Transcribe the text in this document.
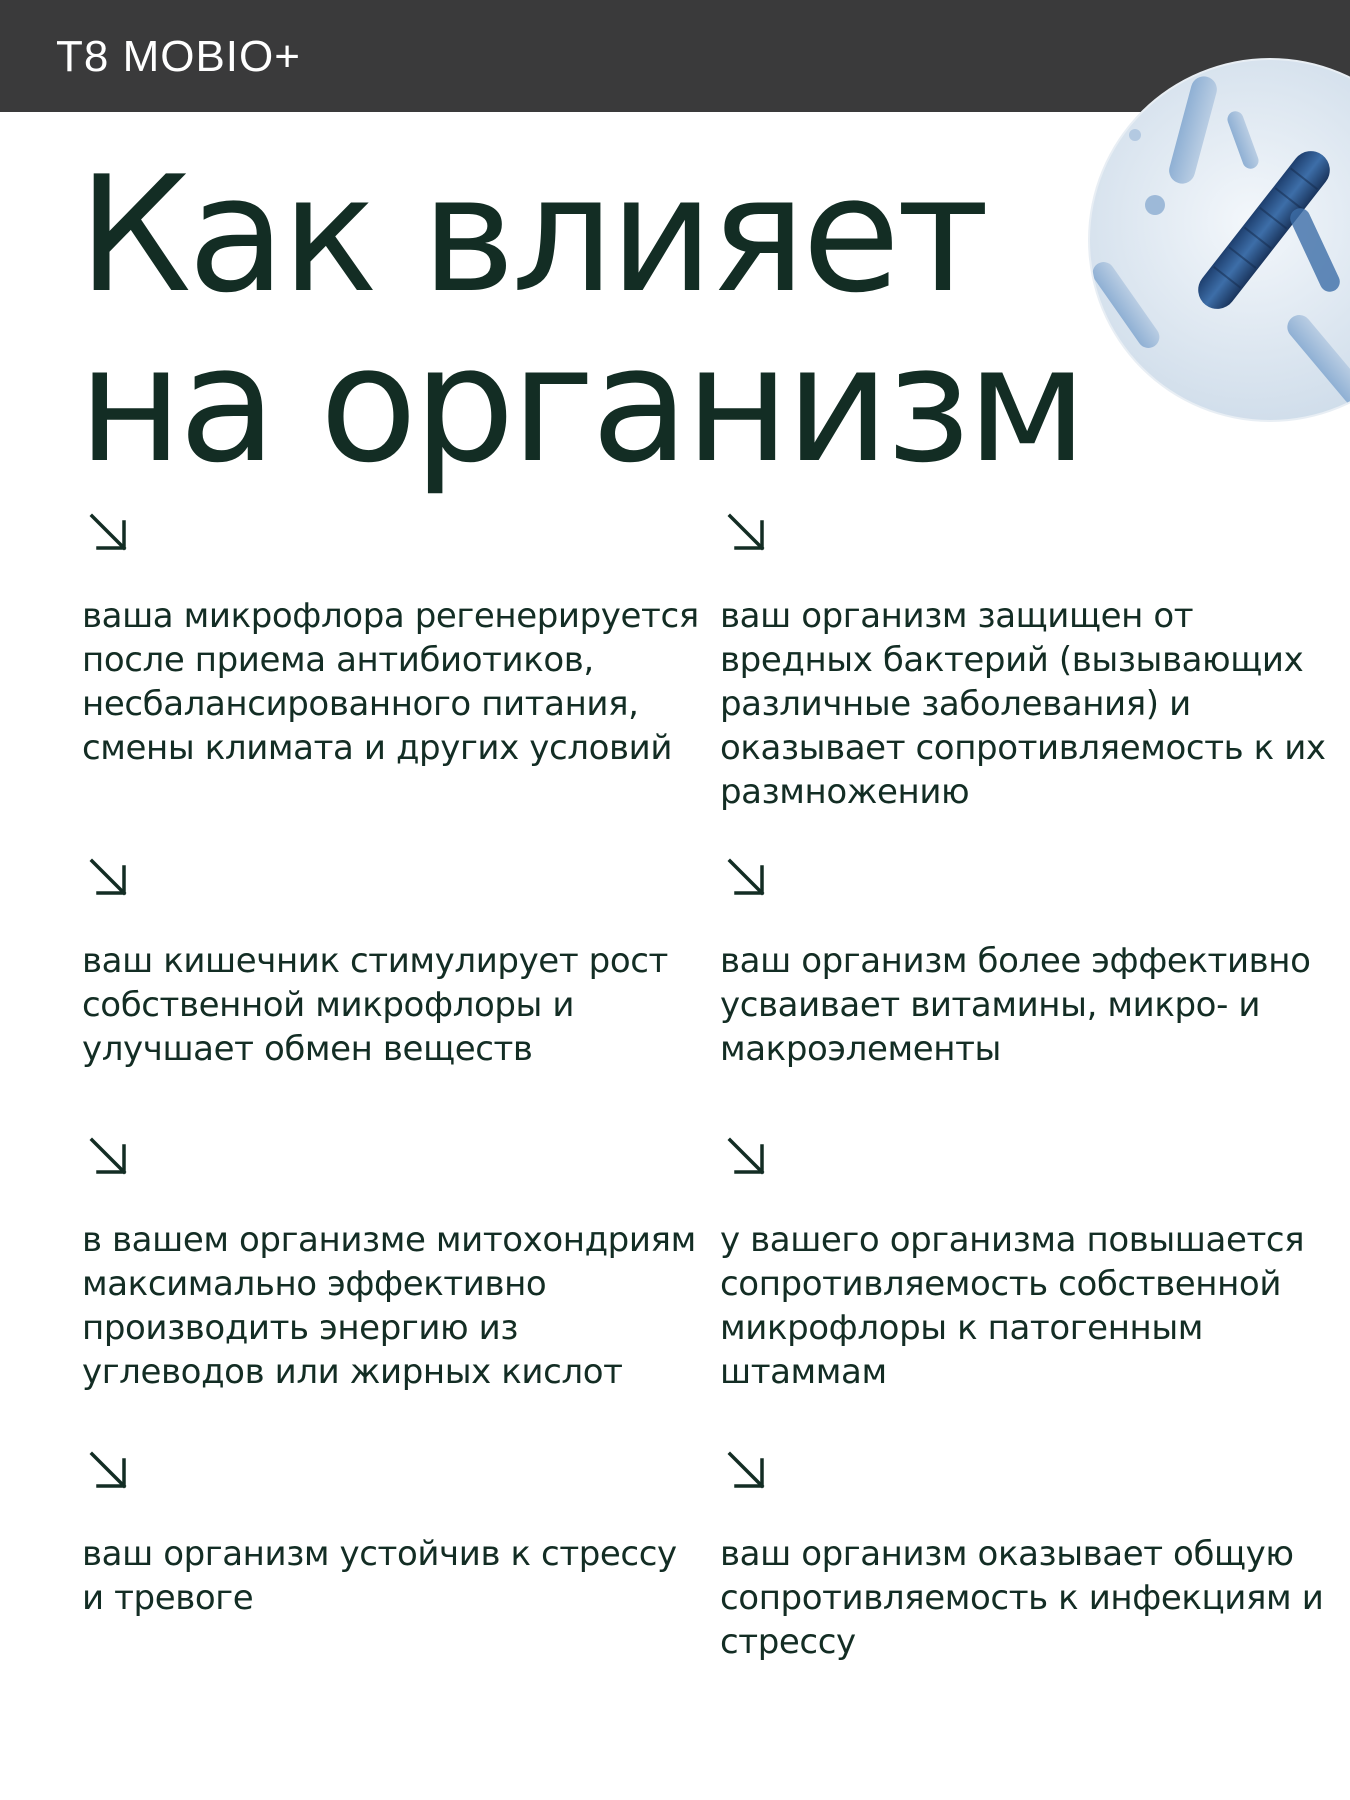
T8 MOBIO+
Как влияет
на организм

ваша микрофлора регенерируется после приема антибиотиков, несбалансированного питания, смены климата и других условий

ваш кишечник стимулирует рост собственной микрофлоры и улучшает обмен веществ

в вашем организме митохондриям максимально эффективно производить энергию из углеводов или жирных кислот

ваш организм устойчив к стрессу и тревоге

ваш организм защищен от вредных бактерий (вызывающих различные заболевания) и оказывает сопротивляемость к их размножению

ваш организм более эффективно усваивает витамины, микро- и макроэлементы

у вашего организма повышается сопротивляемость собственной микрофлоры к патогенным штаммам

ваш организм оказывает общую сопротивляемость к инфекциям и стрессу
